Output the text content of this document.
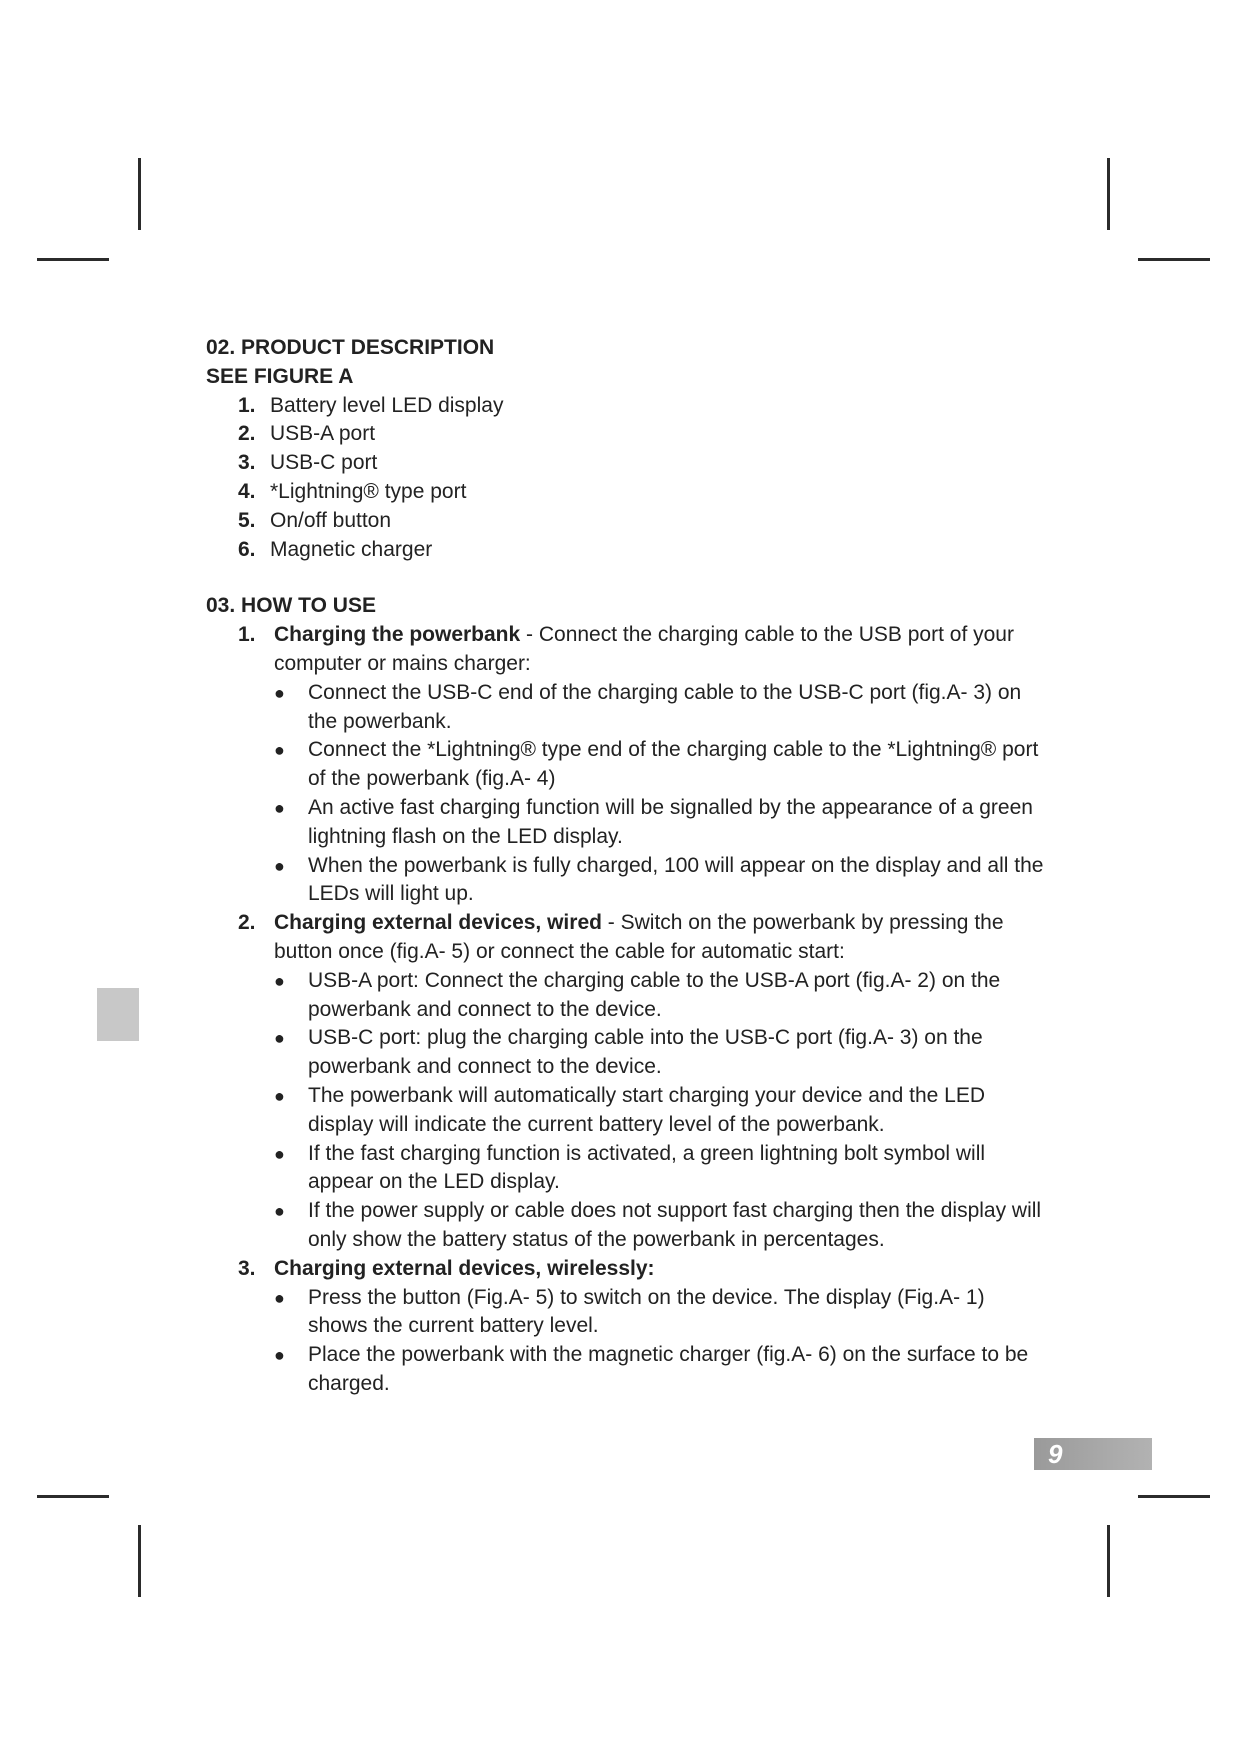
9

02. PRODUCT DESCRIPTION

SEE FIGURE A

1. Battery level LED display
2. USB-A port
3. USB-C port
4. *Lightning® type port
5. On/off button
6. Magnetic charger

03. HOW TO USE

1. Charging the powerbank - Connect the charging cable to the USB port of your computer or mains charger:
● Connect the USB-C end of the charging cable to the USB-C port (fig.A- 3) on the powerbank.
● Connect the *Lightning® type end of the charging cable to the *Lightning® port of the powerbank (fig.A- 4)
● An active fast charging function will be signalled by the appearance of a green lightning flash on the LED display.
● When the powerbank is fully charged, 100 will appear on the display and all the LEDs will light up.
2. Charging external devices, wired - Switch on the powerbank by pressing the button once (fig.A- 5) or connect the cable for automatic start:
● USB-A port: Connect the charging cable to the USB-A port (fig.A- 2) on the powerbank and connect to the device.
● USB-C port: plug the charging cable into the USB-C port (fig.A- 3) on the powerbank and connect to the device.
● The powerbank will automatically start charging your device and the LED display will indicate the current battery level of the powerbank.
● If the fast charging function is activated, a green lightning bolt symbol will appear on the LED display.
● If the power supply or cable does not support fast charging then the display will only show the battery status of the powerbank in percentages.
3. Charging external devices, wirelessly:
● Press the button (Fig.A- 5) to switch on the device. The display (Fig.A- 1) shows the current battery level.
● Place the powerbank with the magnetic charger (fig.A- 6) on the surface to be charged.
